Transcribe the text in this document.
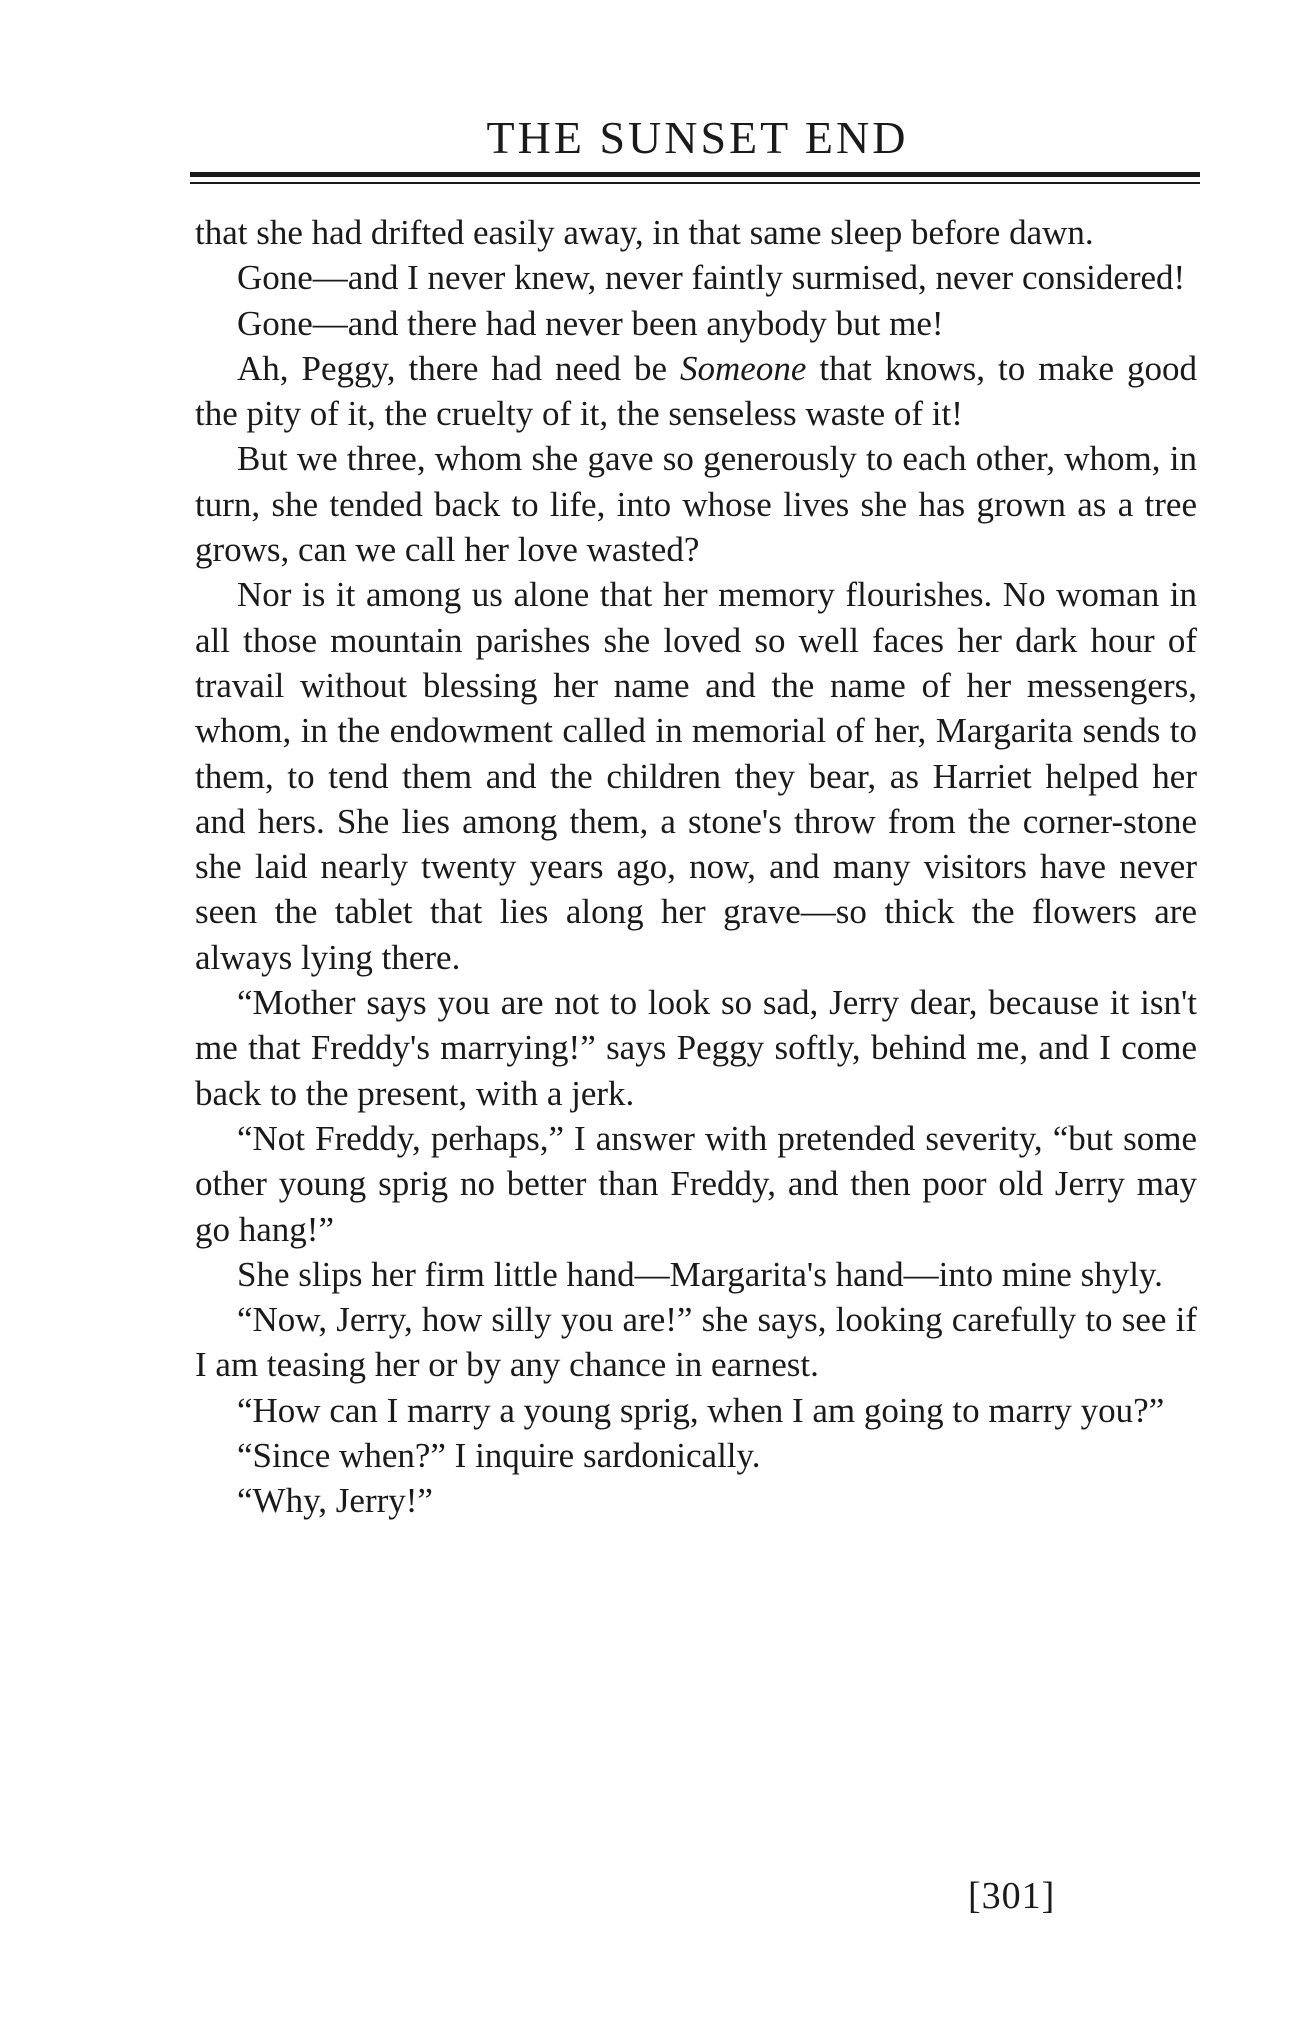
THE SUNSET END

that she had drifted easily away, in that same sleep before dawn.

Gone—and I never knew, never faintly surmised, never considered!

Gone—and there had never been anybody but me!

Ah, Peggy, there had need be Someone that knows, to make good the pity of it, the cruelty of it, the senseless waste of it!

But we three, whom she gave so generously to each other, whom, in turn, she tended back to life, into whose lives she has grown as a tree grows, can we call her love wasted?

Nor is it among us alone that her memory flourishes. No woman in all those mountain parishes she loved so well faces her dark hour of travail without blessing her name and the name of her messengers, whom, in the endowment called in memorial of her, Margarita sends to them, to tend them and the children they bear, as Harriet helped her and hers. She lies among them, a stone's throw from the corner-stone she laid nearly twenty years ago, now, and many visitors have never seen the tablet that lies along her grave—so thick the flowers are always lying there.

“Mother says you are not to look so sad, Jerry dear, because it isn't me that Freddy's marrying!” says Peggy softly, behind me, and I come back to the present, with a jerk.

“Not Freddy, perhaps,” I answer with pretended severity, “but some other young sprig no better than Freddy, and then poor old Jerry may go hang!”

She slips her firm little hand—Margarita's hand—into mine shyly.

“Now, Jerry, how silly you are!” she says, looking carefully to see if I am teasing her or by any chance in earnest.

“How can I marry a young sprig, when I am going to marry you?”

“Since when?” I inquire sardonically.

“Why, Jerry!”

[301]
